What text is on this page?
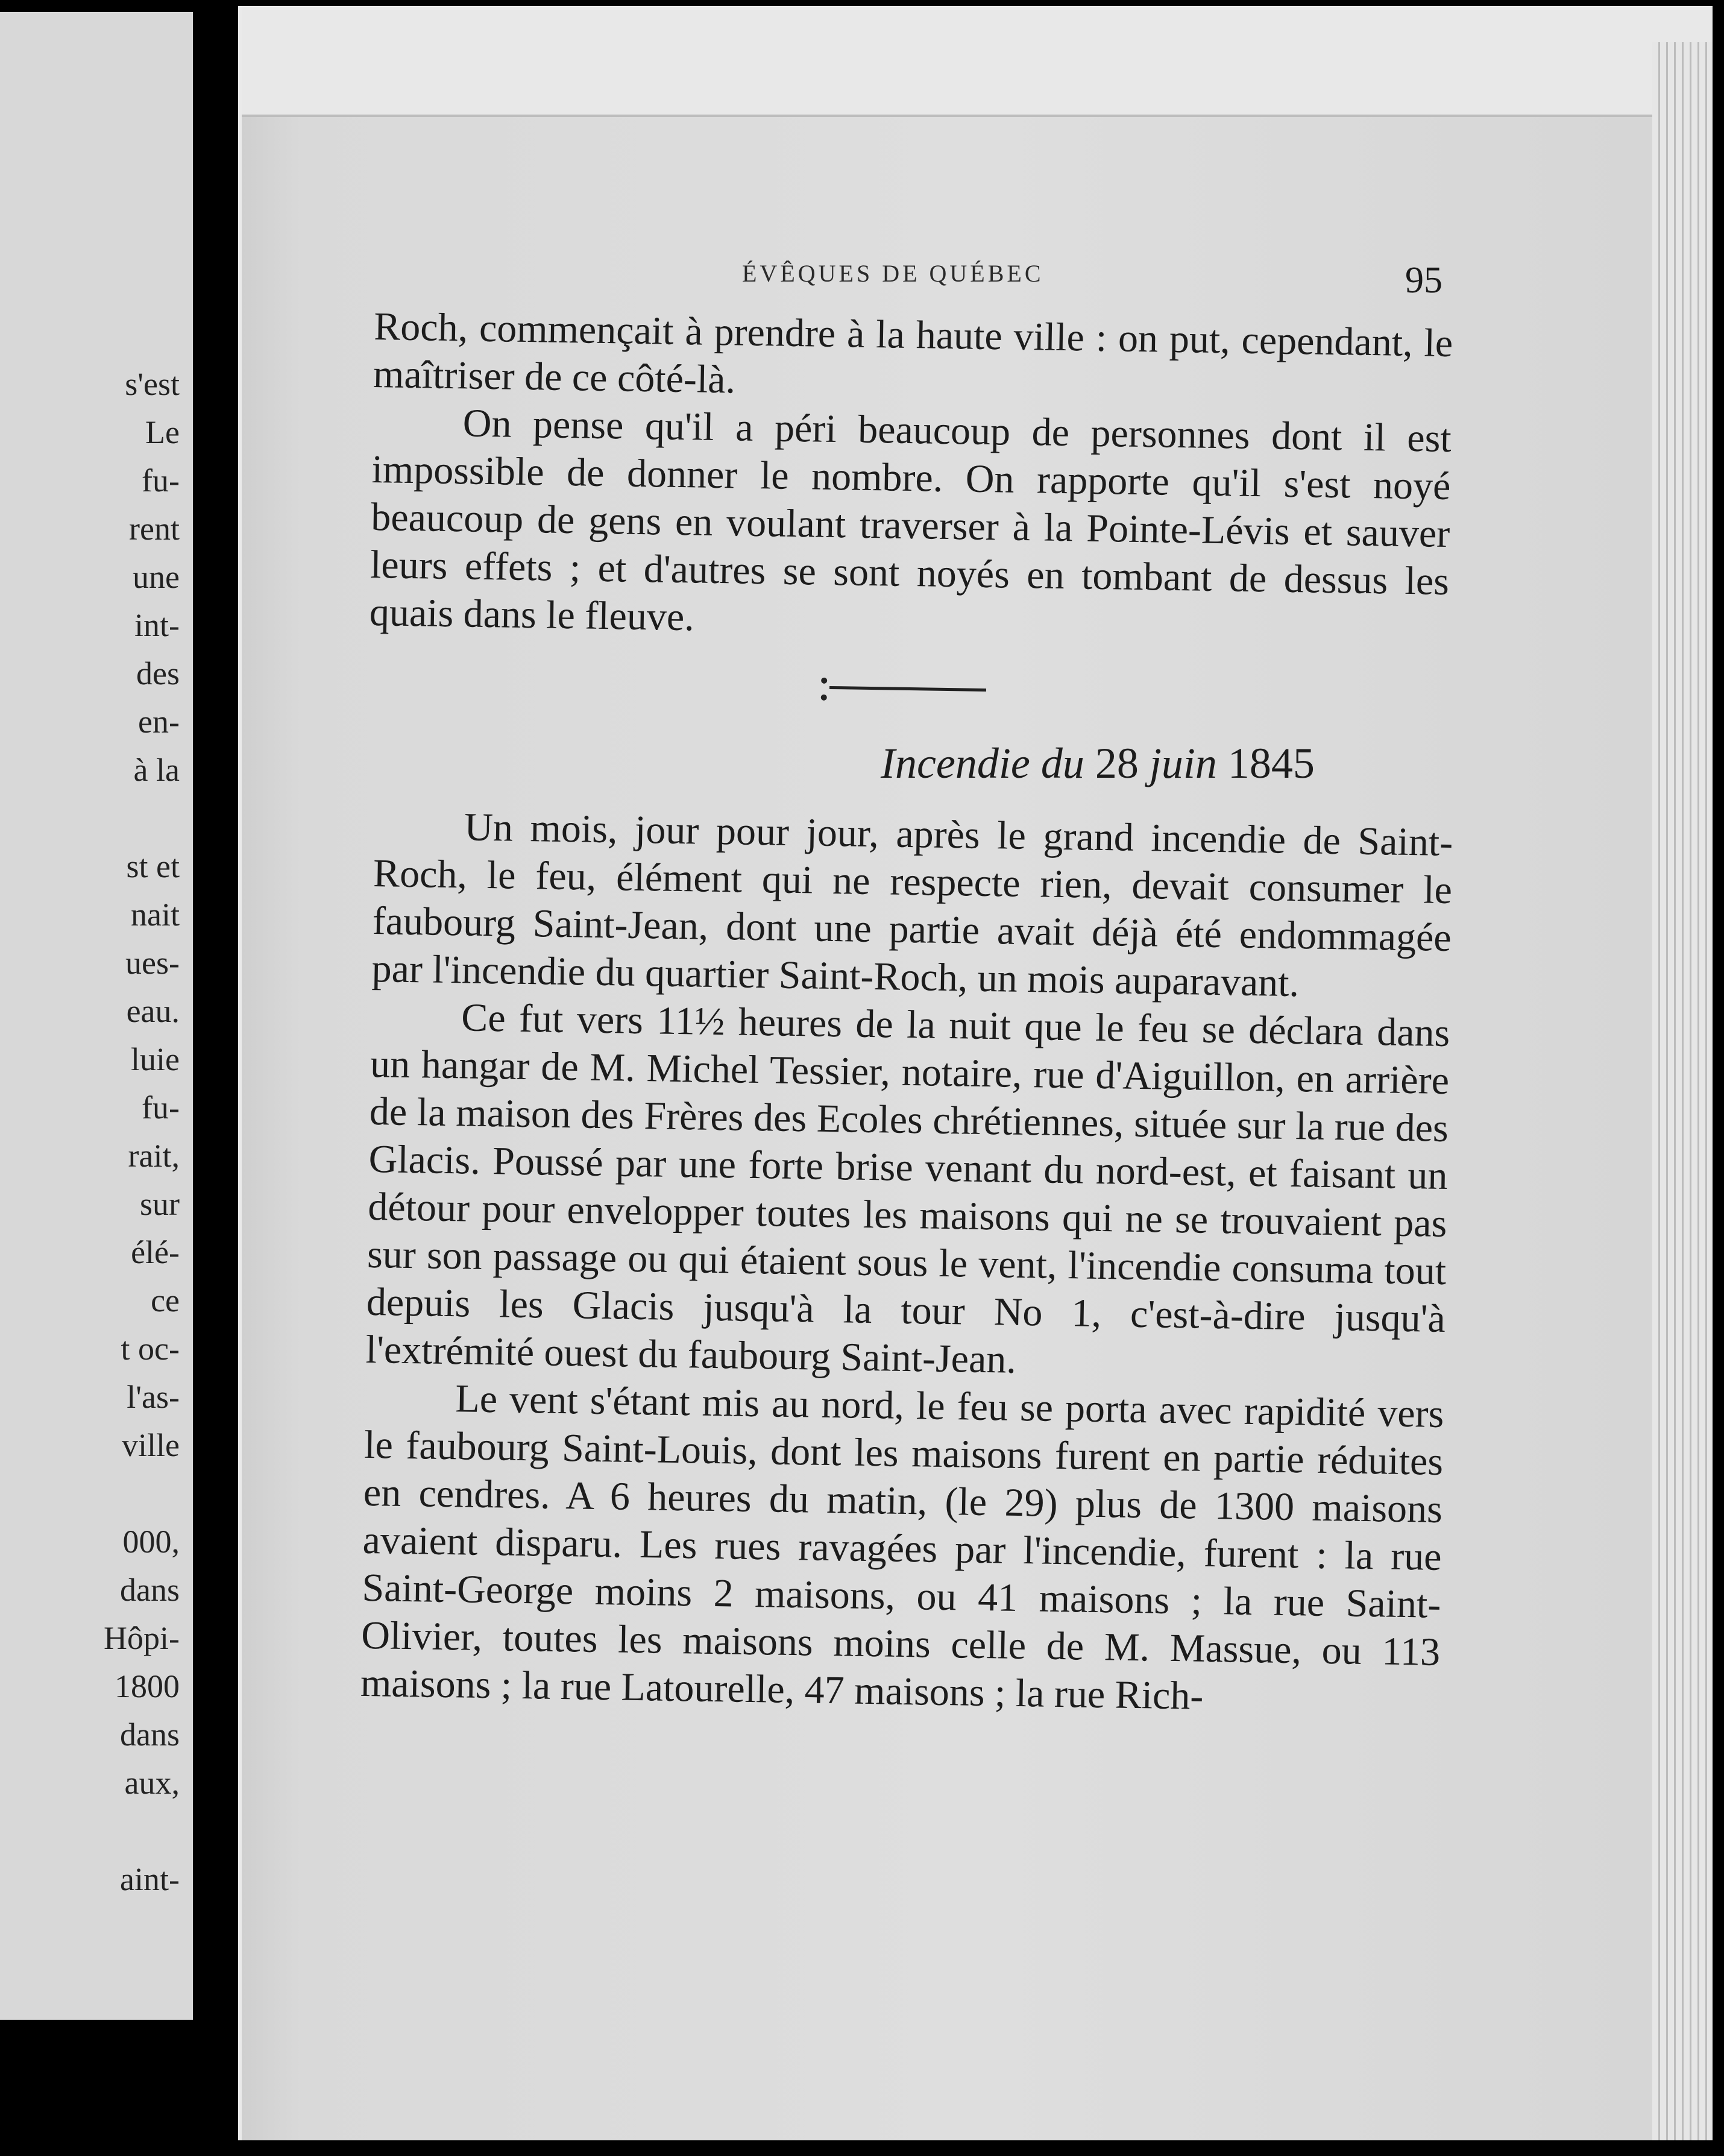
s'est
Le
fu-
rent
une
int-
des
en-
à la
st et
nait
ues-
eau.
luie
fu-
rait,
sur
élé-
ce
t oc-
l'as-
ville
000,
dans
Hôpi-
1800
dans
aux,
aint-
ÉVÊQUES DE QUÉBEC	95

Roch, commençait à prendre à la haute ville : on put, cependant, le maîtriser de ce côté-là.

On pense qu'il a péri beaucoup de personnes dont il est impossible de donner le nombre. On rapporte qu'il s'est noyé beaucoup de gens en voulant traverser à la Pointe-Lévis et sauver leurs effets ; et d'autres se sont noyés en tombant de dessus les quais dans le fleuve.

Incendie du 28 juin 1845

Un mois, jour pour jour, après le grand incendie de Saint-Roch, le feu, élément qui ne respecte rien, devait consumer le faubourg Saint-Jean, dont une partie avait déjà été endommagée par l'incendie du quartier Saint-Roch, un mois auparavant.

Ce fut vers 11½ heures de la nuit que le feu se déclara dans un hangar de M. Michel Tessier, notaire, rue d'Aiguillon, en arrière de la maison des Frères des Ecoles chrétiennes, située sur la rue des Glacis. Poussé par une forte brise venant du nord-est, et faisant un détour pour envelopper toutes les maisons qui ne se trouvaient pas sur son passage ou qui étaient sous le vent, l'incendie consuma tout depuis les Glacis jusqu'à la tour No 1, c'est-à-dire jusqu'à l'extrémité ouest du faubourg Saint-Jean.

Le vent s'étant mis au nord, le feu se porta avec rapidité vers le faubourg Saint-Louis, dont les maisons furent en partie réduites en cendres. A 6 heures du matin, (le 29) plus de 1300 maisons avaient disparu. Les rues ravagées par l'incendie, furent : la rue Saint-George moins 2 maisons, ou 41 maisons ; la rue Saint-Olivier, toutes les maisons moins celle de M. Massue, ou 113 maisons ; la rue Latourelle, 47 maisons ; la rue Rich-
